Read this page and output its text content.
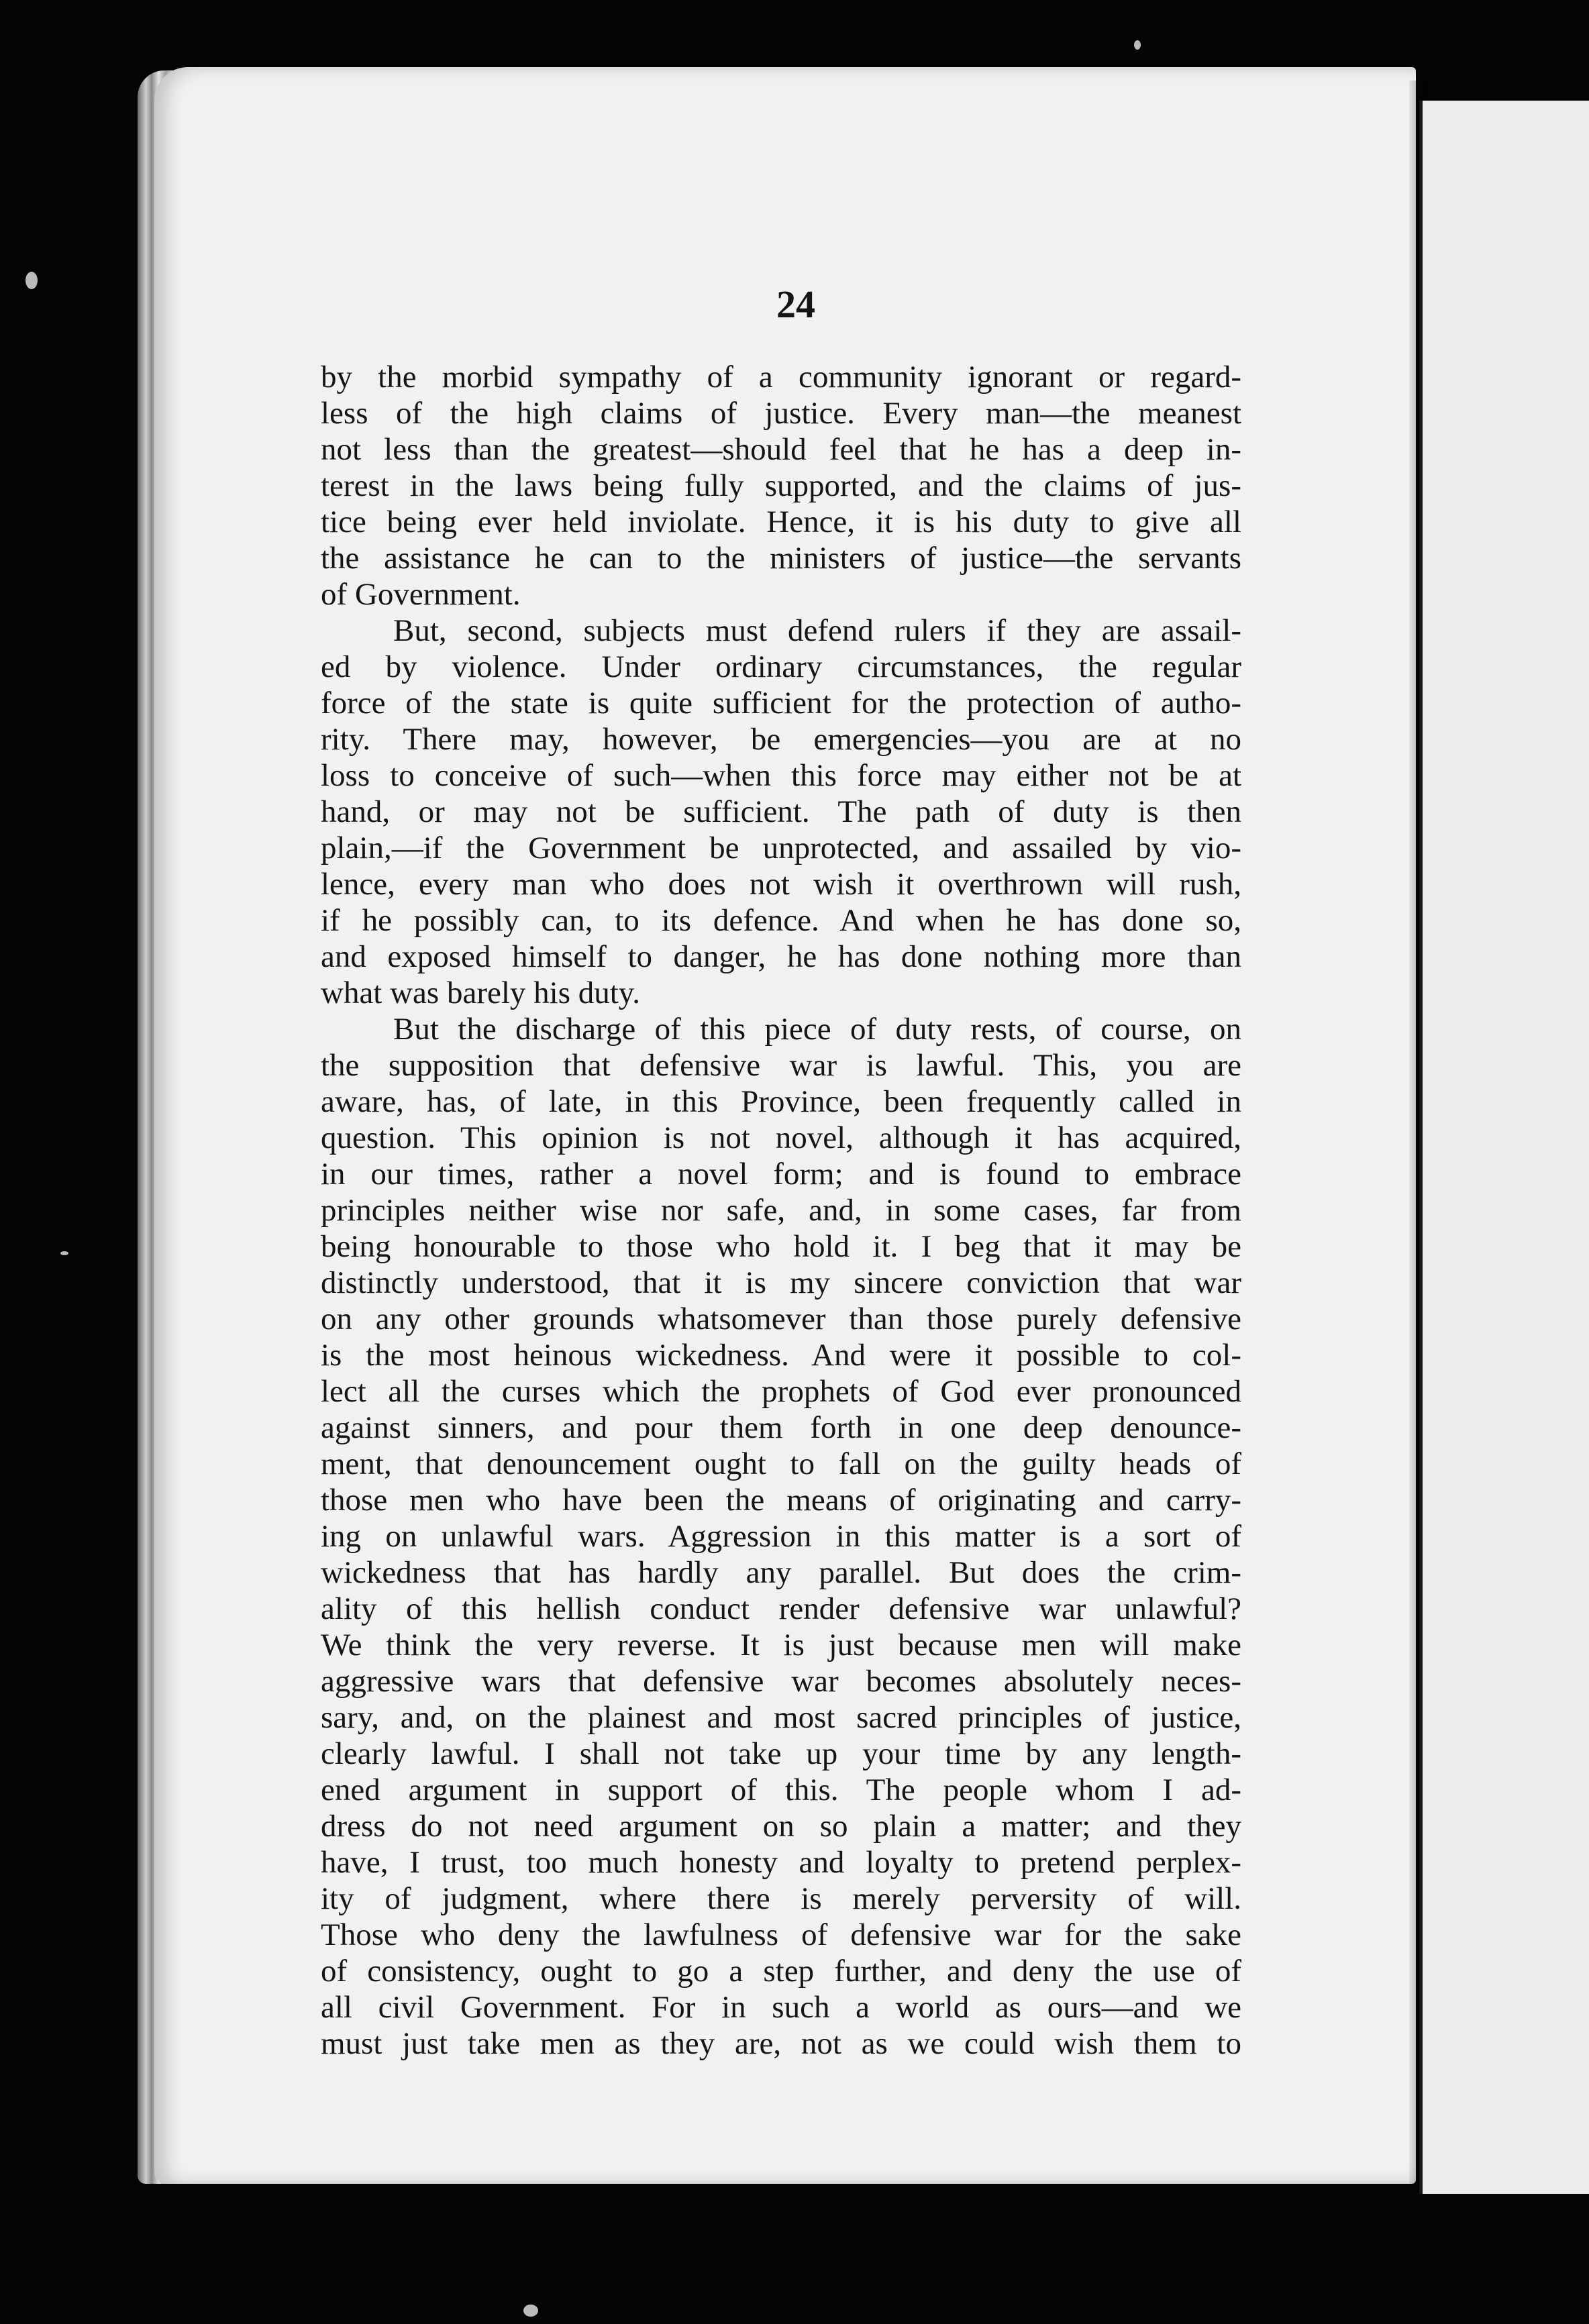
24
by the morbid sympathy of a community ignorant or regard-
less of the high claims of justice. Every man—the meanest
not less than the greatest—should feel that he has a deep in-
terest in the laws being fully supported, and the claims of jus-
tice being ever held inviolate. Hence, it is his duty to give all
the assistance he can to the ministers of justice—the servants
of Government.
But, second, subjects must defend rulers if they are assail-
ed by violence. Under ordinary circumstances, the regular
force of the state is quite sufficient for the protection of autho-
rity. There may, however, be emergencies—you are at no
loss to conceive of such—when this force may either not be at
hand, or may not be sufficient. The path of duty is then
plain,—if the Government be unprotected, and assailed by vio-
lence, every man who does not wish it overthrown will rush,
if he possibly can, to its defence. And when he has done so,
and exposed himself to danger, he has done nothing more than
what was barely his duty.
But the discharge of this piece of duty rests, of course, on
the supposition that defensive war is lawful. This, you are
aware, has, of late, in this Province, been frequently called in
question. This opinion is not novel, although it has acquired,
in our times, rather a novel form; and is found to embrace
principles neither wise nor safe, and, in some cases, far from
being honourable to those who hold it. I beg that it may be
distinctly understood, that it is my sincere conviction that war
on any other grounds whatsomever than those purely defensive
is the most heinous wickedness. And were it possible to col-
lect all the curses which the prophets of God ever pronounced
against sinners, and pour them forth in one deep denounce-
ment, that denouncement ought to fall on the guilty heads of
those men who have been the means of originating and carry-
ing on unlawful wars. Aggression in this matter is a sort of
wickedness that has hardly any parallel. But does the crim-
ality of this hellish conduct render defensive war unlawful?
We think the very reverse. It is just because men will make
aggressive wars that defensive war becomes absolutely neces-
sary, and, on the plainest and most sacred principles of justice,
clearly lawful. I shall not take up your time by any length-
ened argument in support of this. The people whom I ad-
dress do not need argument on so plain a matter; and they
have, I trust, too much honesty and loyalty to pretend perplex-
ity of judgment, where there is merely perversity of will.
Those who deny the lawfulness of defensive war for the sake
of consistency, ought to go a step further, and deny the use of
all civil Government. For in such a world as ours—and we
must just take men as they are, not as we could wish them to
